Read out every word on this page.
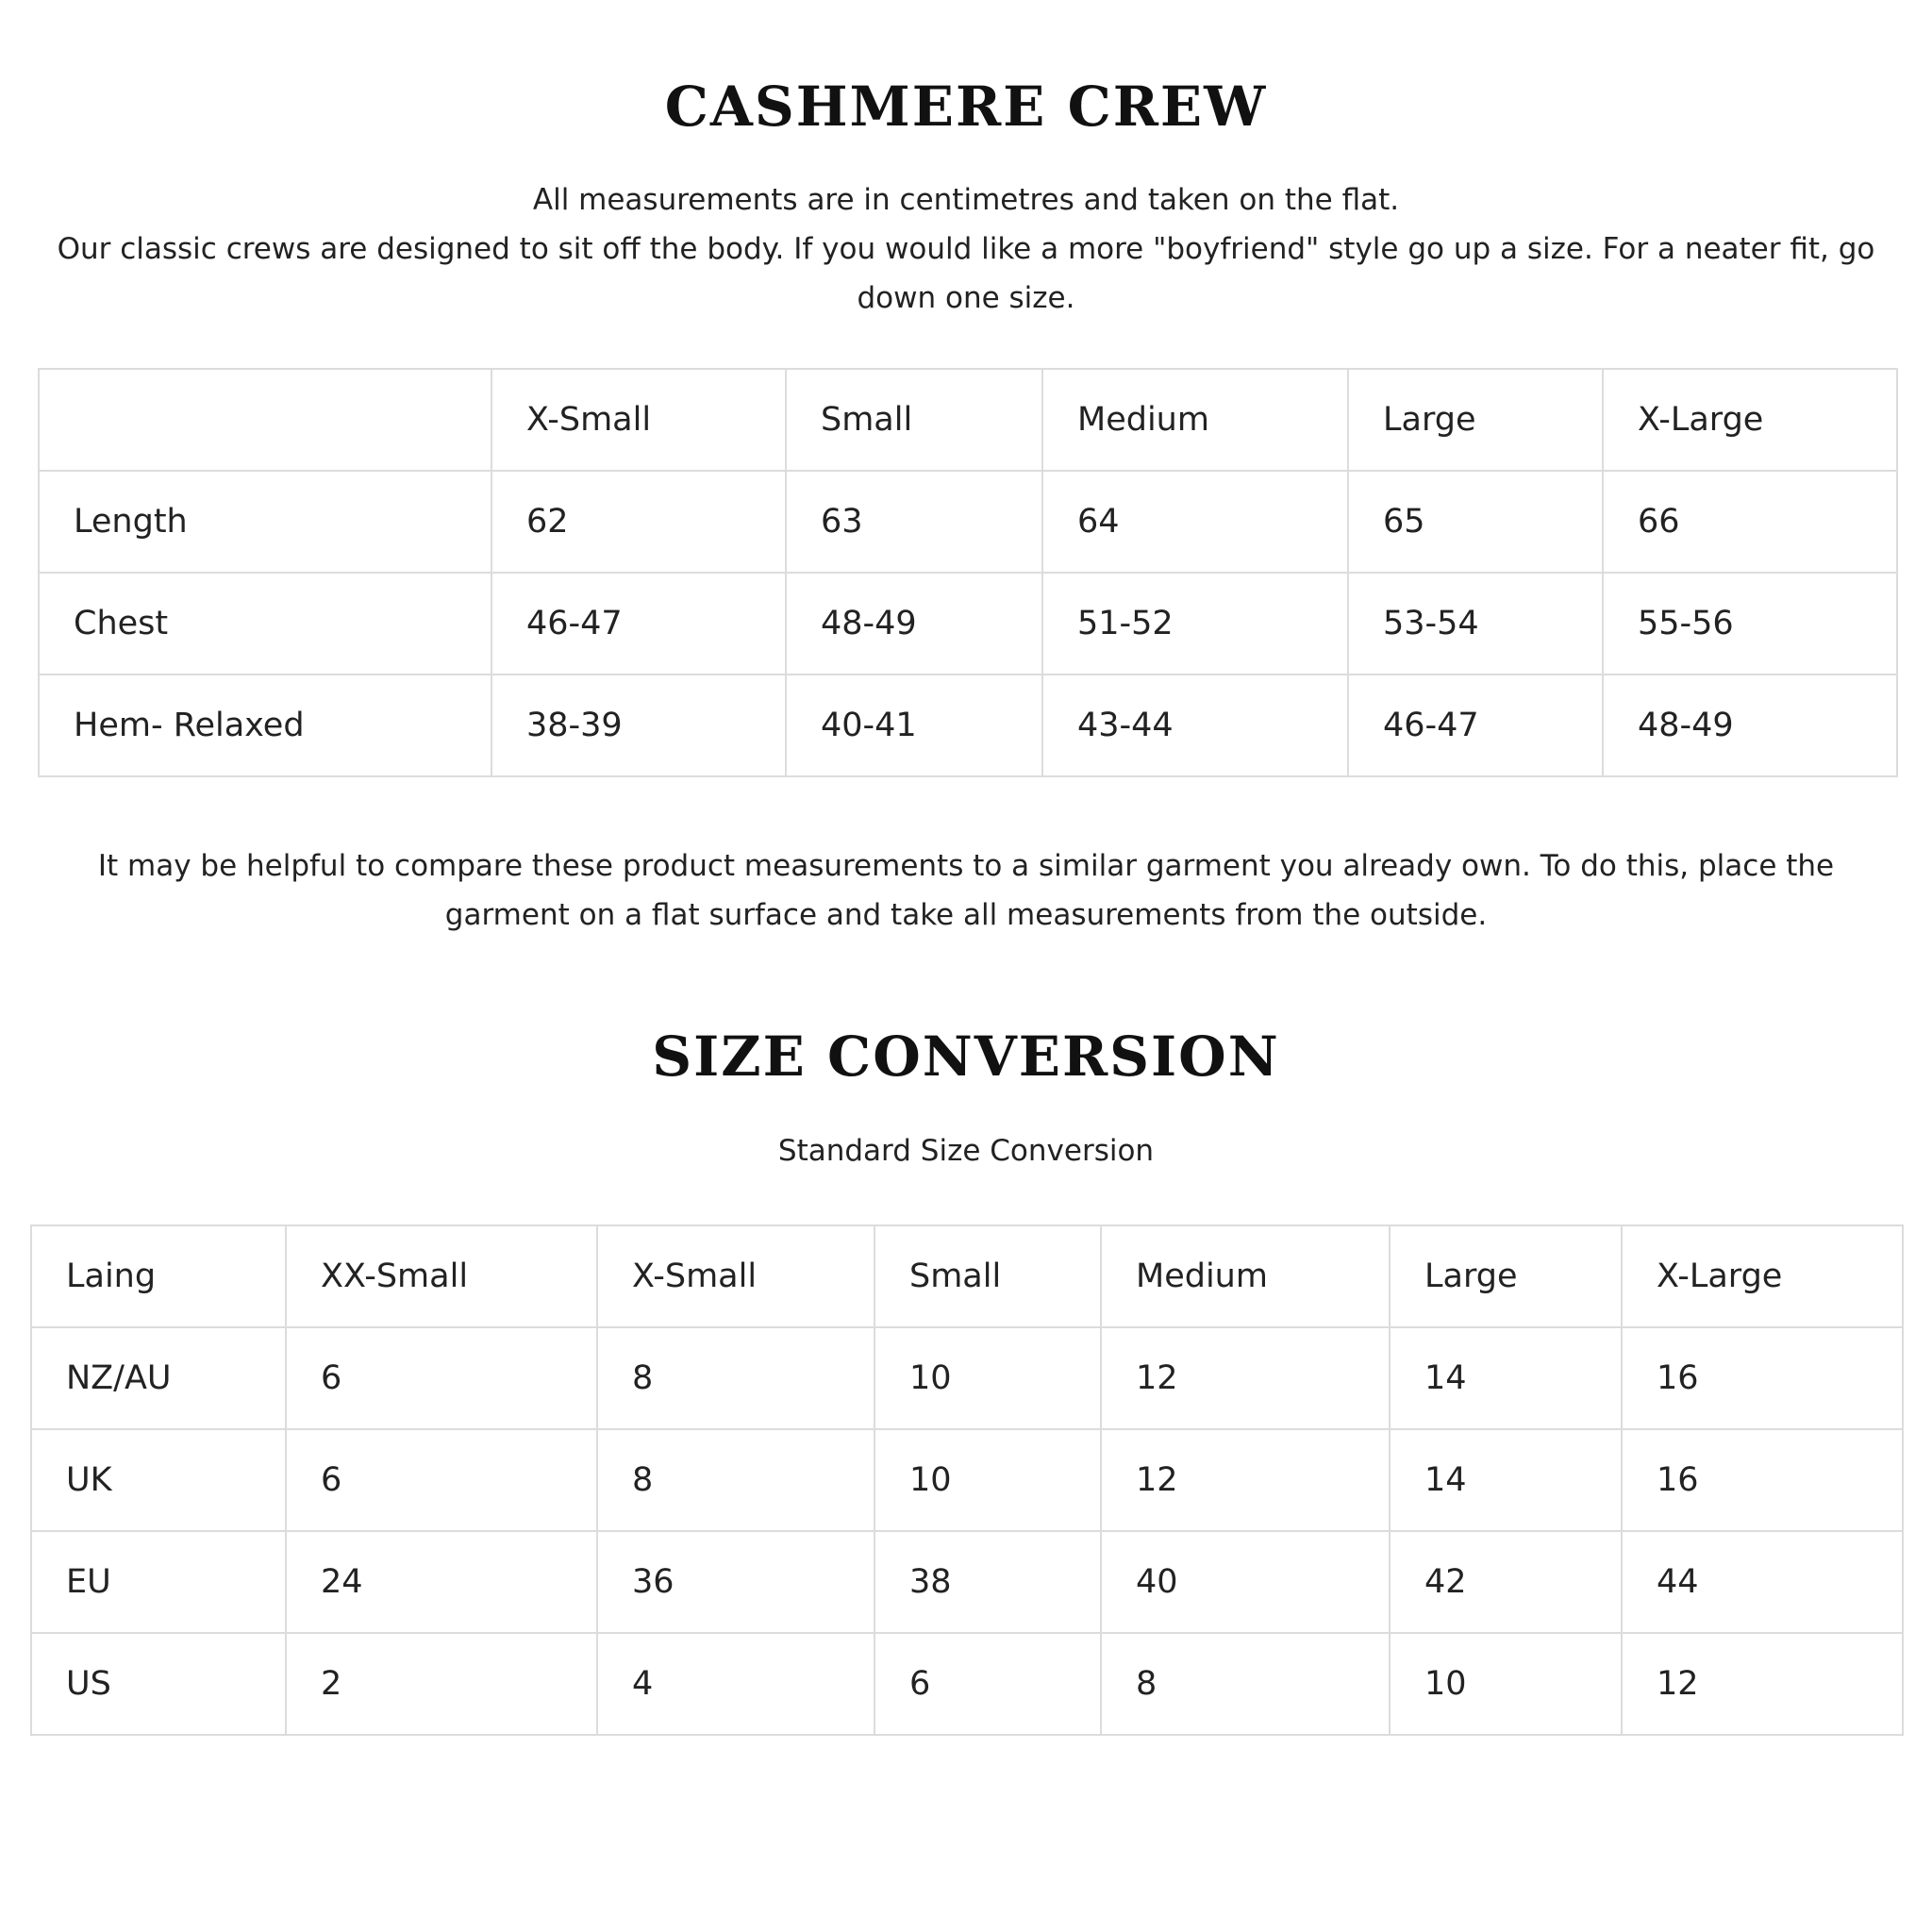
CASHMERE CREW
All measurements are in centimetres and taken on the flat.
Our classic crews are designed to sit off the body. If you would like a more "boyfriend" style go up a size. For a neater fit, go down one size.
	X-Small	Small	Medium	Large	X-Large
Length	62	63	64	65	66
Chest	46-47	48-49	51-52	53-54	55-56
Hem- Relaxed	38-39	40-41	43-44	46-47	48-49

It may be helpful to compare these product measurements to a similar garment you already own. To do this, place the garment on a flat surface and take all measurements from the outside.

SIZE CONVERSION

Standard Size Conversion

Laing	XX-Small	X-Small	Small	Medium	Large	X-Large
NZ/AU	6	8	10	12	14	16
UK	6	8	10	12	14	16
EU	24	36	38	40	42	44
US	2	4	6	8	10	12
